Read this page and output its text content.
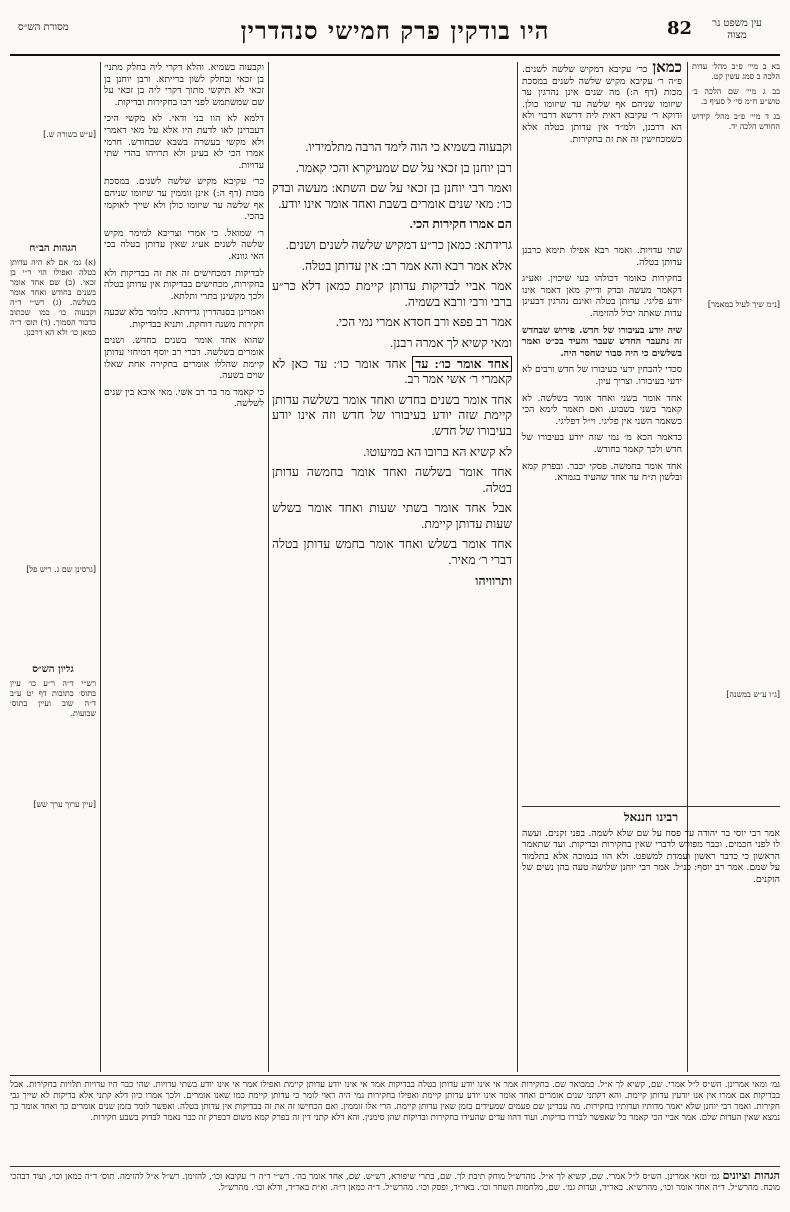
82	עין משפט נר מצוה
היו בודקין פרק חמישי סנהדרין
מסורת הש״ס

בא ב מיי׳ פ״ב מהל׳ עדות הלכה ב סמג עשין קט.

בב ג מיי׳ שם הלכה ב׳ טוש״ע ח״מ סי׳ ל סעיף ב.

בג ד מיי׳ פ״ב מהל׳ קידוש החודש הלכה יד.

כמאן כר׳ עקיבא דמקיש שלשה לשנים. פ״ה ר׳ עקיבא מקיש שלשה לשנים במסכת מכות (דף ה:) מה שנים אינן נהרגין עד שיזומו שניהם אף שלשה עד שיזומו כולן. ודוקא ר׳ עקיבא דאית ליה דרשא דרבוי ולא הא דרבנן, ולמ״ד אין עדותן בטלה אלא כשמכחישין זה את זה בחקירות.

שתי עדויות. ואמר רבא אפילו תימא כרבנן עדותן בטלה.

בחקירות כאומר דכולהו בעי שיכוין. ואע״ג דקאמר מעשה ובדק ודייק מאן דאמר אינו יודע פליגי. עדותן בטלה ואינם נהרגין דבעינן עדות שאתה יכול להזימה.

שיה יודע בעיבורו של חדש. פירוש שבחדש זה נתעבר החדש שעבר והעיד בכ״ט ואמר בשלשים כי היה סבור שחסר היה.

סכדי להבחין ידעי בעיבורו של חדש ורבים לא ידעי בעיבורו. וצריך עיון.

אחד אומר בשני ואחד אומר בשלשה. לא קאמר בשני בשבוע. ואם תאמר לימא הכי כשאמר השני אין פליגי. וי״ל דפליגי.

כדאמר הכא מ׳ נמי שזה יודע בעיבורו של חדש ולכך קאמר בחודש.

אחד אומר בחמשה. פסקי יכבר. ובפרק קמא ובלשון ת״ח עד אחד שהעיד בגמרא.

רבינו חננאל

אמר רבי יוסי בר יהודה עד פסח על שם שלא לשמה. בפני זקנים. ועשה לו לפני חכמים. וכבר מפורש לדברי שאין בחקירות ובדיקות. ועד שתאמר הראשון כי כדבר ראשון ועמדת למשפט. ולא הוו בנמוכה אלא בתלמוד על שמם. אמר רב יוסף: כנ״ל. אמר רבי יוחנן שלושה טעה בהן נשים של הזקנים.

[נ״מ שיך לעיל במאמר]
[ג״ו ע״ש במשנה]

וקבעוה בשמיא כי הוה לימד הרבה מתלמידיו.

רבן יוחנן בן זכאי על שם שמעיקרא והכי קאמר.

ואמר רבי יוחנן בן זכאי על שם השתא: מעשה ובדק כו׳: מאי שנים אומרים בשבת ואחד אומר אינו יודע.

הם אמרו חקירות הכי.

גרידתא: כמאן כר״ע דמקיש שלשה לשנים ושנים.

אלא אמר רבא והא אמר רב: אין עדותן בטלה.

אמר אביי לבדיקות עדותן קיימת כמאן דלא כר״ע ברבי ורבי ורבא בשמיה.

אמר רב פפא ורב חסדא אמרי נמי הכי.

ומאי קשיא לך אמרה רבנן.

אחד אומר כו׳: עד אחד אומר כו׳: עד כאן לא קאמרי ר׳ אשי אמר רב.

אחד אומר בשנים בחדש ואחד אומר בשלשה עדותן קיימת שזה יודע בעיבורו של חדש וזה אינו יודע בעיבורו של חדש.

לא קשיא הא ברובו הא במיעוטו.

אחד אומר בשלשה ואחד אומר בחמשה עדותן בטלה.

אבל אחד אומר בשתי שעות ואחד אומר בשלש שעות עדותן קיימת.

אחד אומר בשלש ואחד אומר בחמש עדותן בטלה דברי ר׳ מאיר.

ותרוויהו

וקבעוה בשמיא. והלא דקרי ליה בחלק מתני׳ בן זכאי ובחלק לשון ברייתא. ורבן יוחנן בן זכאי לא תיקשי מתוך דקרי ליה בן זכאי על שם שמשתמש לפני רבו בחקירות ובדיקות.

דלמא לא הוו בני ודאי. לא מקשי היכי דעבדינן לאו לדעת היו אלא על מאי דאמרי ולא מקשי בעשרה בשבא שבחודש. חרמי אמרו הכי לא בעינן ולא תרויהו בהדי שתי עדויות.

כר׳ עקיבא מקיש שלשה לשנים. במסכת מכות (דף ה:) אינן זוממין עד שיזומו שניהם אף שלשה עד שיזומו כולן ולא שייך לאוקמי בהכי.

ר׳ שמואל. כי אמרי וצריכא למימר מקיש שלשה לשנים אע״ג שאין עדותן בטלה בכי האי גוונא.

לבדיקות דמכחישים זה את זה בבדיקות ולא בחקירות, מכחישים בבדיקות אין עדותן בטלה ולכך מקשינן בתרי ותלתא.

ואמרינן בסנהדרין גרידתא. כלומר בלא שבעה חקירות משנה דוחקת. ותניא בבדיקות.

שהוא אחד אומר בשנים בחדש. ושנים אומרים בשלשה. דברי רב יוסף דמיחזי עדותן קיימת שהללו אומרים בחקירה אחת שאלו שוים בשעה.

כי קאמר מר בר רב אשי. מאי איכא בין שנים לשלשה.

[ע״ש בשורה ש.]
הגהות הב״ח

(א) גמ׳ אם לא היה עדותן בטלה ואפילו הוי ר״י בן זכאי. (ב) שם אחד אומר בשנים בחודש ואחד אומר בשלשה. (ג) רש״י ד״ה וקבעוה כו׳ כמו שכתוב בדבור הסמוך. (ד) תוס׳ ד״ה כמאן כו׳ ולא הא דרבנן.

[גרסינן שם ג. ריש פל]
גליון הש״ס

רש״י ד״ה ר״ע כו׳ עיין בתוס׳ כתובות דף יט ע״ב ד״ה שוב ועיין בתוס׳ שבועות.

[עיין ערוך ערך שש]
גמ׳ ומאי אמרינן. הש״ס ל״ל אמרי. שם, קשיא לך א״ל. כמבואר שם. בחקירות אמר אי אינו יודע עדותן בטלה בבדיקות אמר אי אינו יודע עדותן קיימת ואפילו אמר אי אינו יודע בשתי עדויות. שהי כבר היו עדויות תלויות בחקירות. אבל בבדיקות אם אמרו אין אנו יודעין עדותן קיימת. והא דקתני שנים אומרים ואחד אומר אינו יודע עדותן קיימת ואפילו בחקירות נמי היה ראוי לומר כי עדותן קיימת כמו שאנו אומרים. ולכך אמרו כיון דלא קתני אלא בדיקות לא שייך גבי חקירות. ואמר רבי יוחנן שלא יאמר מדותיו ועדותיו בחקירות. מה עבדינן שם פעמים שמעידים בזמן שאין עדותן קיימת. הרי אלו זוממין. ואם הכחישו זה את זה בבדיקות אין עדותן בטלה. ואפשר לומר בזמן שנים אומרים כך ואחד אומר כך נמצא שאין העדות שלם. אמר אביי הכי קאמר כל שאפשר לבררו בדיקות. ועוד דהוו עדים שהעידו בחקירות ובדיקות שהן סימנין. והא דלא קתני דין זה בפרק קמא משום דבפרק זה כבר נאמר לבדוק בשבע חקירות.
הגהות וציונים גמ׳ ומאי אמרינן. הש״ס ל״ל אמרי. שם, קשיא לך א״ל. מהרש״ל מוחק תיבת לך. שם, בתרי שיפורא, רש״ש. שם, אחד אומר בה׳. רש״י ד״ה ר׳ עקיבא וכו׳, להזימן. רש״ל א״ל להזימה. תוס׳ ד״ה כמאן וכו׳, ועוד דבהכי מוכח. מהרש״ל. ד״ה אחד אומר וכו׳, מהרש״א. באר״ד, ועדות גמ׳. שם, מלחמות השחר וכו׳. באר״ד, ופסק וכו׳. מהרש״ל. ד״ה כמאן ד״ה. וא״ת באר״ד, ודלא וכו׳. מהרש״ל.
